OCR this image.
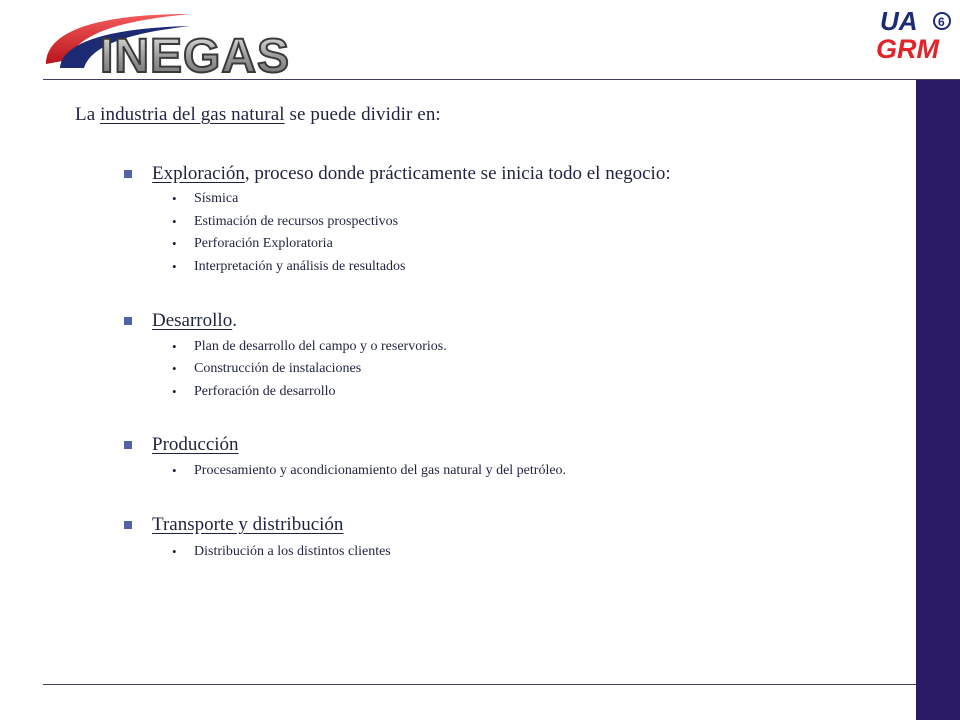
INEGAS
UA 6
GRM
La industria del gas natural se puede dividir en:
Exploración, proceso donde prácticamente se inicia todo el negocio:
• Sísmica
• Estimación de recursos prospectivos
• Perforación Exploratoria
• Interpretación y análisis de resultados
Desarrollo.
• Plan de desarrollo del campo y o reservorios.
• Construcción de instalaciones
• Perforación de desarrollo
Producción
• Procesamiento y acondicionamiento del gas natural y del petróleo.
Transporte y distribución
• Distribución a los distintos clientes
